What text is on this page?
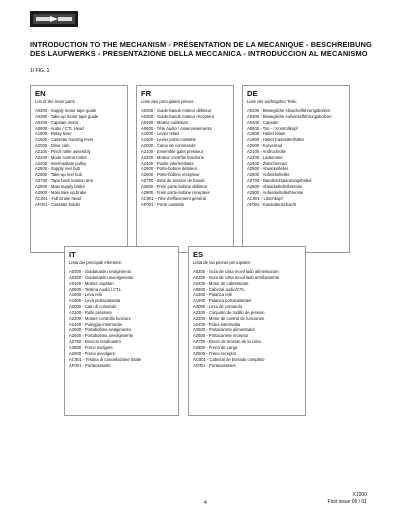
INTRODUCTION TO THE MECHANISM - PRÉSENTATION DE LA MECANIQUE - BESCHREIBUNG DES LAUFWERKS - PRESENTAZIONE DELLA MECCANICA - INTRODUCCION AL MECANISMO
1/ FIG. 1
EN
List of the main parts :
A0200 - Supply motor tape guide
A0300 - Take-up motor tape guide
A0400 - Capstan motor
A0600 - Audio / CTL Head
A1800 - Relay lever
A1900 - Cassette housing lever
A2000 - Drive cam
A2100 - Pinch roller assembly
A2200 - Mode control motor
A2400 - Intermediate pulley
A2500 - Supply reel hub
A2600 - Take-up reel hub
AZ700 - Tape back tension arm
A2800 - Main supply brake
A2900 - Main take up brake
AC001 - Full Erase head
AF001 - Cassette holder
FR
Liste des principales pièces :
A0200 - Guide-bande moteur débiteur
A0300 - Guide-bande moteur récepteur
A0400 - Moteur cabestan
A0600 - Tête Audio / Asservissements
A1800 - Levier relais
A1900 - Levier porte-cassette
A2000 - Came de commande
A2100 - Ensemble galet presseur
A2200 - Moteur contrôle fonctions
A2400 - Poulie intermédiaire
A2500 - Porte-bobine débiteur
A2600 - Porte-bobine récepteur
AZ700 - Bras de tension de bande
A2800 - Frein porte-bobine débiteur
A2900 - Frein porte-bobine récepteur
AC001 - Tête d'effacement général
AF001 - Porte-cassette
DE
Liste der wichtigsten Teile:
A0200 - Bewegliche Abwickelführungsbolzen
A0300 - Bewegliche Aufwickelführungsbolzen
A0400 - Capstan
A0600 - Ton - / Kontrollkopf
A1800 - Hebel relais
A1900 - Hebel Cassettenhalter
A2000 - Kurvenrad
A2100 - Andruckrolle
A2200 - Lademotor
A2400 - Zwischenrad
A2500 - Abwickelteller
A2600 - Aufwickelteller
AZ700 - Bandrückspannungshebel
A2800 - Abwickeltellerbremse
A2900 - Aufwickeltellerbremse
AC001 - Löschkopf
AF001 - Kassettenschacht
IT
Lista dei principali elementi :
A0200 - Guidanastro svolgimento
A0300 - Guidanastro avvolgimento
A0400 - Motore capstan
A0600 - Testina Audio / CTL
A1800 - Leva relè
A1900 - Leva portacassetta
A2000 - Cam di comando
A2100 - Rullo pressore
A2200 - Motore controllo funzioni
A2400 - Puleggia intermedia
A2500 - Portabobina svolgimento
A2600 - Portabobina avvolgimento
AZ700 - Braccio tendinastro
A2800 - Freno svolgere
A2900 - Freno avvolgere
AC001 - Testina di cancellazione totale
AF001 - Portacassette
ES
Lista de las piezas principales :
A0200 - Guía de cinta movil lado alimentacion
A0300 - Guía de cinta movil lado arrollamiento
A0400 - Motor de cabrestante
A0600 - Cabezal audio/CTL
A1800 - Palanca relé
A1900 - Palanca portacassetes
A2000 - Leva de comando
A2100 - Conjunto de rodillo de presion
A2200 - Motor de control de funciones
A2400 - Polea intermedia
A2500 - Portacarrete alimentador
A2600 - Portacarrete receptor
AZ700 - Brazo de tension de la cinta
A2800 - Freno de carga
A2900 - Freno receptor
AC001 - Cabezal de borrado completo
AF001 - Portacassetes
4
X1000
First issue 06 / 01
